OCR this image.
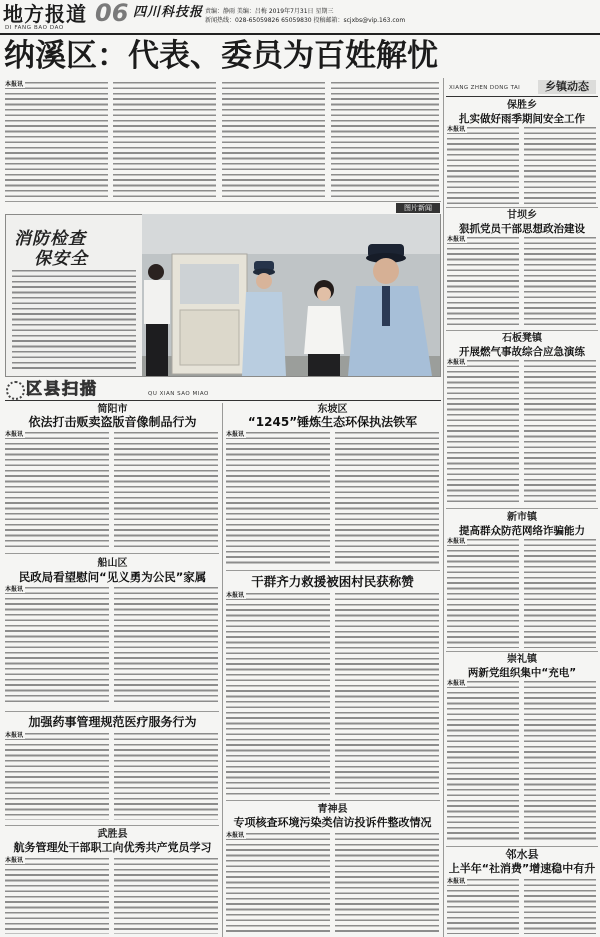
地方报道 06
DI FANG BAO DAO
四川科技报 责编：静雨 美编：吕梅 2019年7月31日 星期三
新闻热线：028-65059826 65059830 投稿邮箱：scjxbs@vip.163.com
纳溪区：代表、委员为百姓解忧
本报讯
图片新闻
消防检查
保安全
区县扫描	QU XIAN SAO MIAO
简阳市
依法打击贩卖盗版音像制品行为
本报讯
船山区
民政局看望慰问“见义勇为公民”家属
本报讯
加强药事管理规范医疗服务行为
本报讯
武胜县
航务管理处干部职工向优秀共产党员学习
本报讯
东坡区
“1245”锤炼生态环保执法铁军
本报讯
干群齐力救援被困村民获称赞
本报讯
青神县
专项核查环境污染类信访投诉件整改情况
本报讯
XIANG ZHEN DONG TAI	乡镇动态
保胜乡
扎实做好雨季期间安全工作
本报讯
甘坝乡
狠抓党员干部思想政治建设
本报讯
石板凳镇
开展燃气事故综合应急演练
本报讯
新市镇
提高群众防范网络诈骗能力
本报讯
崇礼镇
两新党组织集中“充电”
本报讯
邻水县
上半年“社消费”增速稳中有升
本报讯
